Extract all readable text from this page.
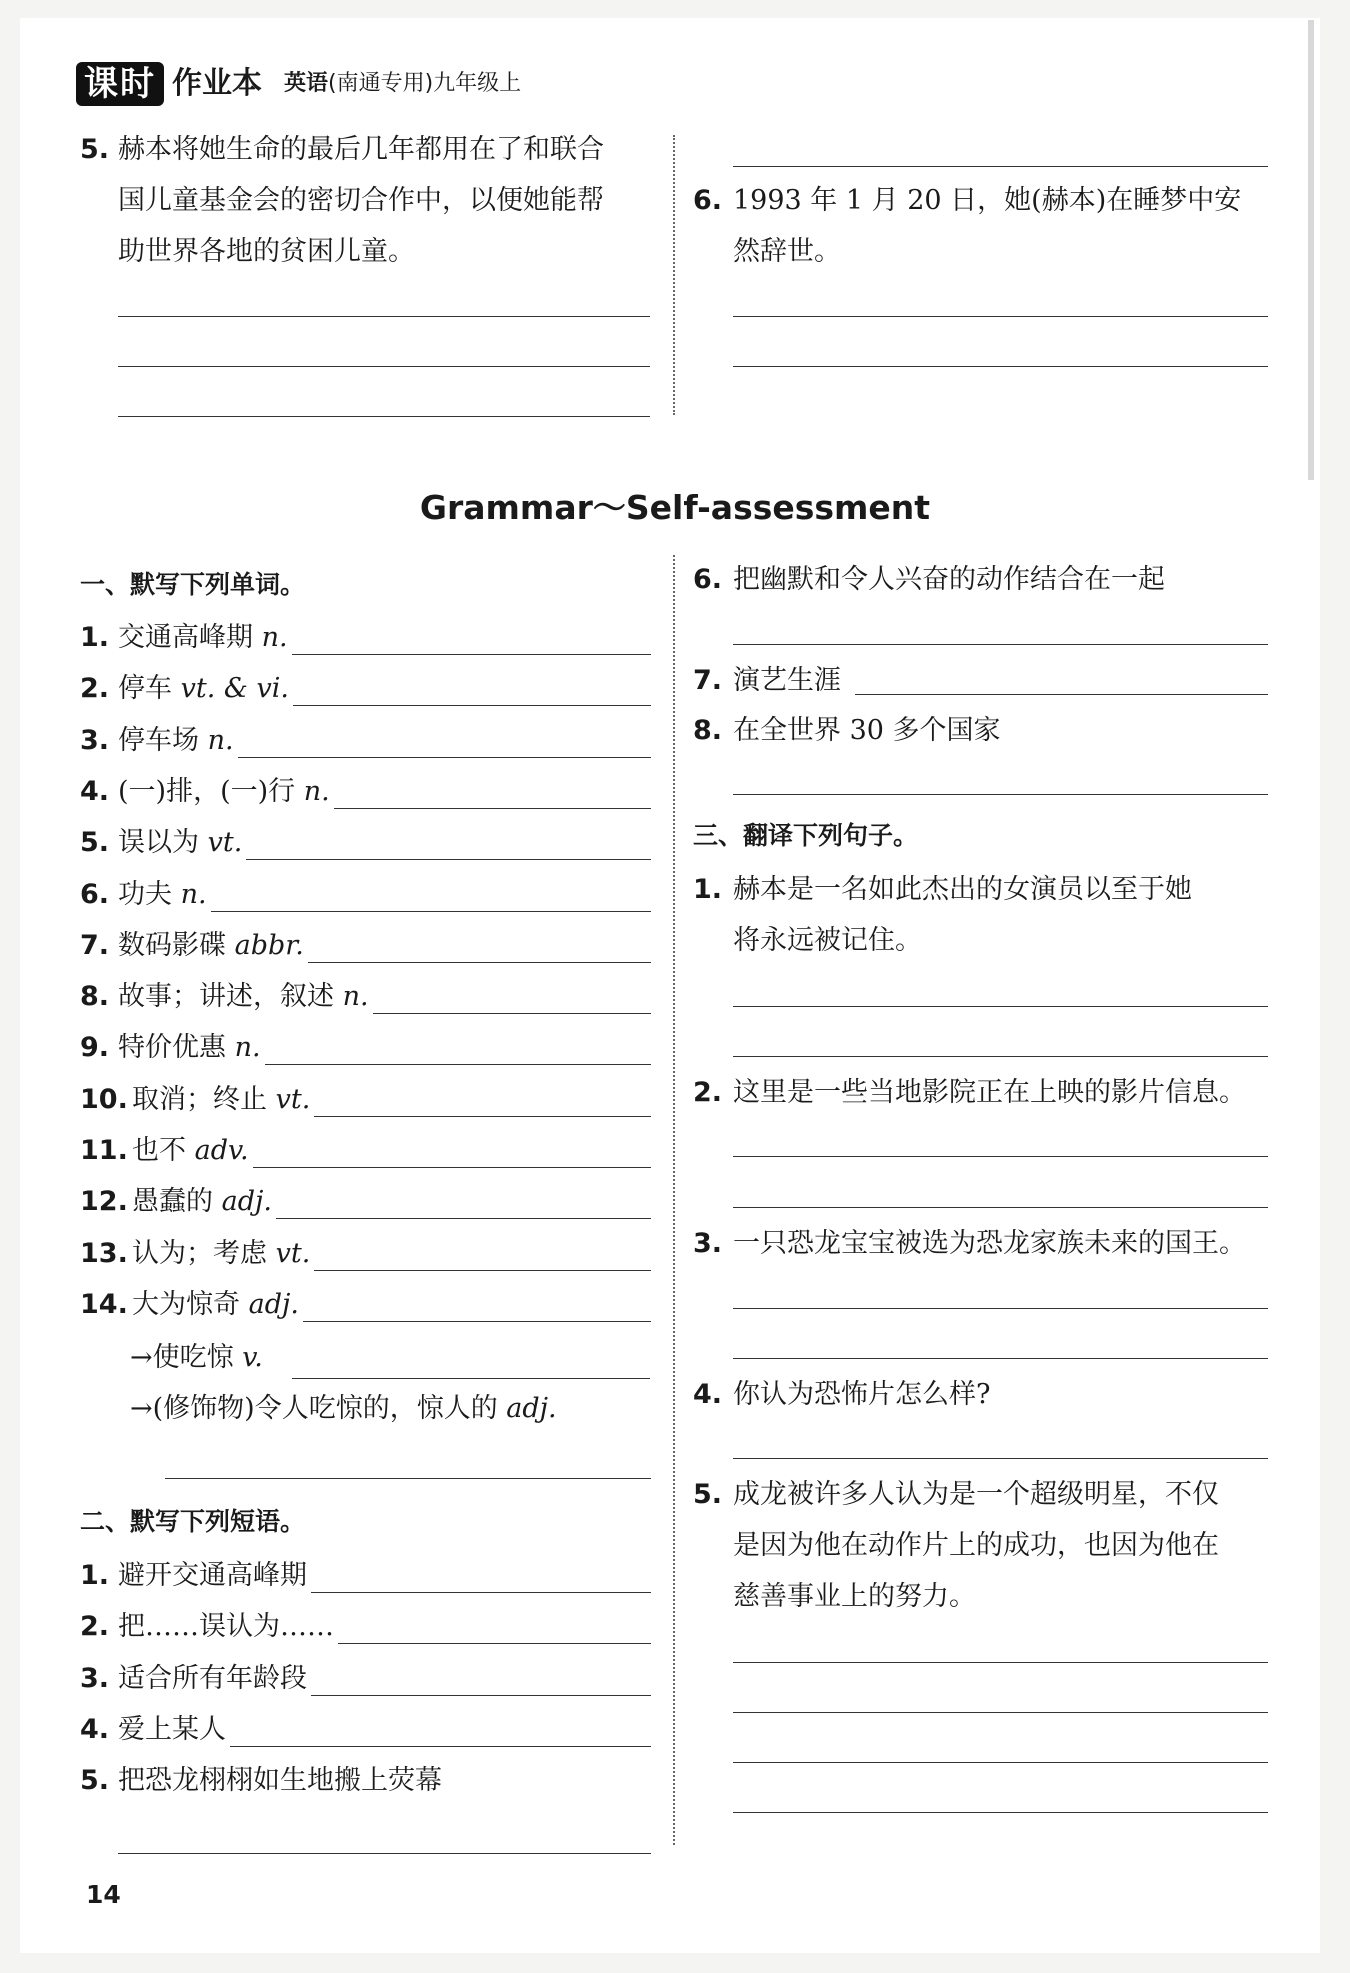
课时 作业本 英语(南通专用)九年级上
5. 赫本将她生命的最后几年都用在了和联合
国儿童基金会的密切合作中，以便她能帮
助世界各地的贫困儿童。
6. 1993 年 1 月 20 日，她(赫本)在睡梦中安
然辞世。
Grammar～Self-assessment
一、默写下列单词。
1. 交通高峰期 n.
2. 停车 vt. & vi.
3. 停车场 n.
4. (一)排，(一)行 n.
5. 误以为 vt.
6. 功夫 n.
7. 数码影碟 abbr.
8. 故事；讲述，叙述 n.
9. 特价优惠 n.
10. 取消；终止 vt.
11. 也不 adv.
12. 愚蠢的 adj.
13. 认为；考虑 vt.
14. 大为惊奇 adj.
→使吃惊 v.
→(修饰物)令人吃惊的，惊人的 adj.
二、默写下列短语。
1. 避开交通高峰期
2. 把……误认为……
3. 适合所有年龄段
4. 爱上某人
5. 把恐龙栩栩如生地搬上荧幕
6. 把幽默和令人兴奋的动作结合在一起
7. 演艺生涯
8. 在全世界 30 多个国家
三、翻译下列句子。
1. 赫本是一名如此杰出的女演员以至于她
将永远被记住。
2. 这里是一些当地影院正在上映的影片信息。
3. 一只恐龙宝宝被选为恐龙家族未来的国王。
4. 你认为恐怖片怎么样?
5. 成龙被许多人认为是一个超级明星，不仅
是因为他在动作片上的成功，也因为他在
慈善事业上的努力。
14
